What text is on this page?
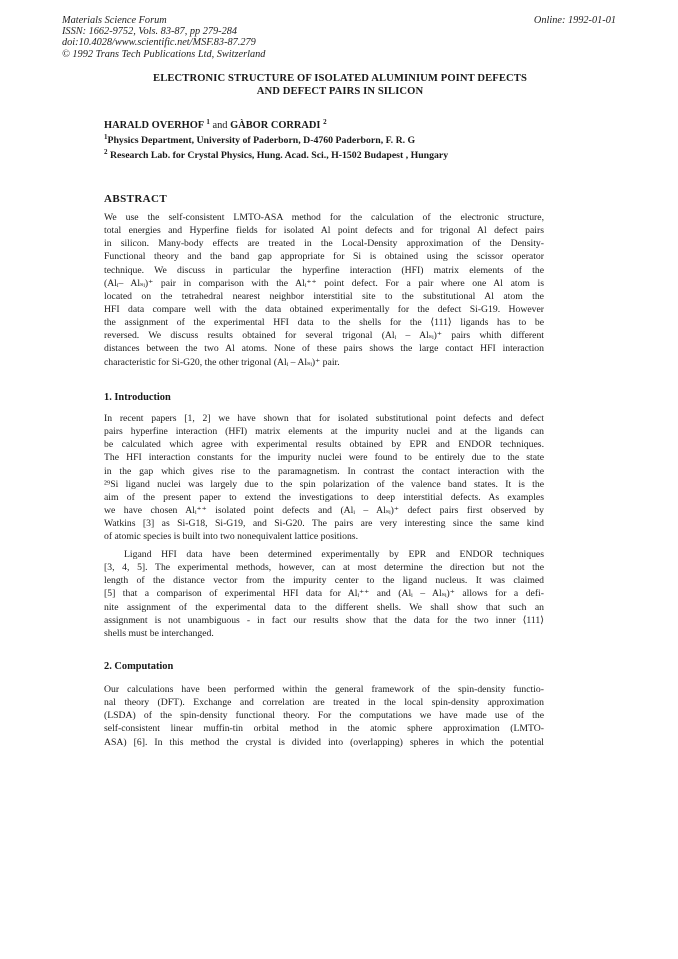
Materials Science Forum
ISSN: 1662-9752, Vols. 83-87, pp 279-284
doi:10.4028/www.scientific.net/MSF.83-87.279
© 1992 Trans Tech Publications Ltd, Switzerland
Online: 1992-01-01
ELECTRONIC STRUCTURE OF ISOLATED ALUMINIUM POINT DEFECTS
AND DEFECT PAIRS IN SILICON
HARALD OVERHOF $^1$ and GÀBOR CORRADI $^2$
$^1$Physics Department, University of Paderborn, D-4760 Paderborn, F. R. G
$^2$ Research Lab. for Crystal Physics, Hung. Acad. Sci., H-1502 Budapest , Hungary
ABSTRACT
We use the self-consistent LMTO-ASA method for the calculation of the electronic structure,
total energies and Hyperfine fields for isolated Al point defects and for trigonal Al defect pairs
in silicon. Many-body effects are treated in the Local-Density approximation of the Density-
Functional theory and the band gap appropriate for Si is obtained using the scissor operator
technique. We discuss in particular the hyperfine interaction (HFI) matrix elements of the
(Alᵢ– Alₛᵢ)⁺ pair in comparison with the Alᵢ⁺⁺ point defect. For a pair where one Al atom is
located on the tetrahedral nearest neighbor interstitial site to the substitutional Al atom the
HFI data compare well with the data obtained experimentally for the defect Si-G19. However
the assignment of the experimental HFI data to the shells for the ⟨111⟩ ligands has to be
reversed. We discuss results obtained for several trigonal (Alᵢ – Alₛᵢ)⁺ pairs whith different
distances between the two Al atoms. None of these pairs shows the large contact HFI interaction
characteristic for Si-G20, the other trigonal (Alᵢ – Alₛᵢ)⁺ pair.
1. Introduction
In recent papers [1, 2] we have shown that for isolated substitutional point defects and defect
pairs hyperfine interaction (HFI) matrix elements at the impurity nuclei and at the ligands can
be calculated which agree with experimental results obtained by EPR and ENDOR techniques.
The HFI interaction constants for the impurity nuclei were found to be entirely due to the state
in the gap which gives rise to the paramagnetism. In contrast the contact interaction with the
²⁹Si ligand nuclei was largely due to the spin polarization of the valence band states. It is the
aim of the present paper to extend the investigations to deep interstitial defects. As examples
we have chosen Alᵢ⁺⁺ isolated point defects and (Alᵢ – Alₛᵢ)⁺ defect pairs first observed by
Watkins [3] as Si-G18, Si-G19, and Si-G20. The pairs are very interesting since the same kind
of atomic species is built into two nonequivalent lattice positions.
Ligand HFI data have been determined experimentally by EPR and ENDOR techniques
[3, 4, 5]. The experimental methods, however, can at most determine the direction but not the
length of the distance vector from the impurity center to the ligand nucleus. It was claimed
[5] that a comparison of experimental HFI data for Alᵢ⁺⁺ and (Alᵢ – Alₛᵢ)⁺ allows for a defi-
nite assignment of the experimental data to the different shells. We shall show that such an
assignment is not unambiguous - in fact our results show that the data for the two inner ⟨111⟩
shells must be interchanged.
2. Computation
Our calculations have been performed within the general framework of the spin-density functio-
nal theory (DFT). Exchange and correlation are treated in the local spin-density approximation
(LSDA) of the spin-density functional theory. For the computations we have made use of the
self-consistent linear muffin-tin orbital method in the atomic sphere approximation (LMTO-
ASA) [6]. In this method the crystal is divided into (overlapping) spheres in which the potential
